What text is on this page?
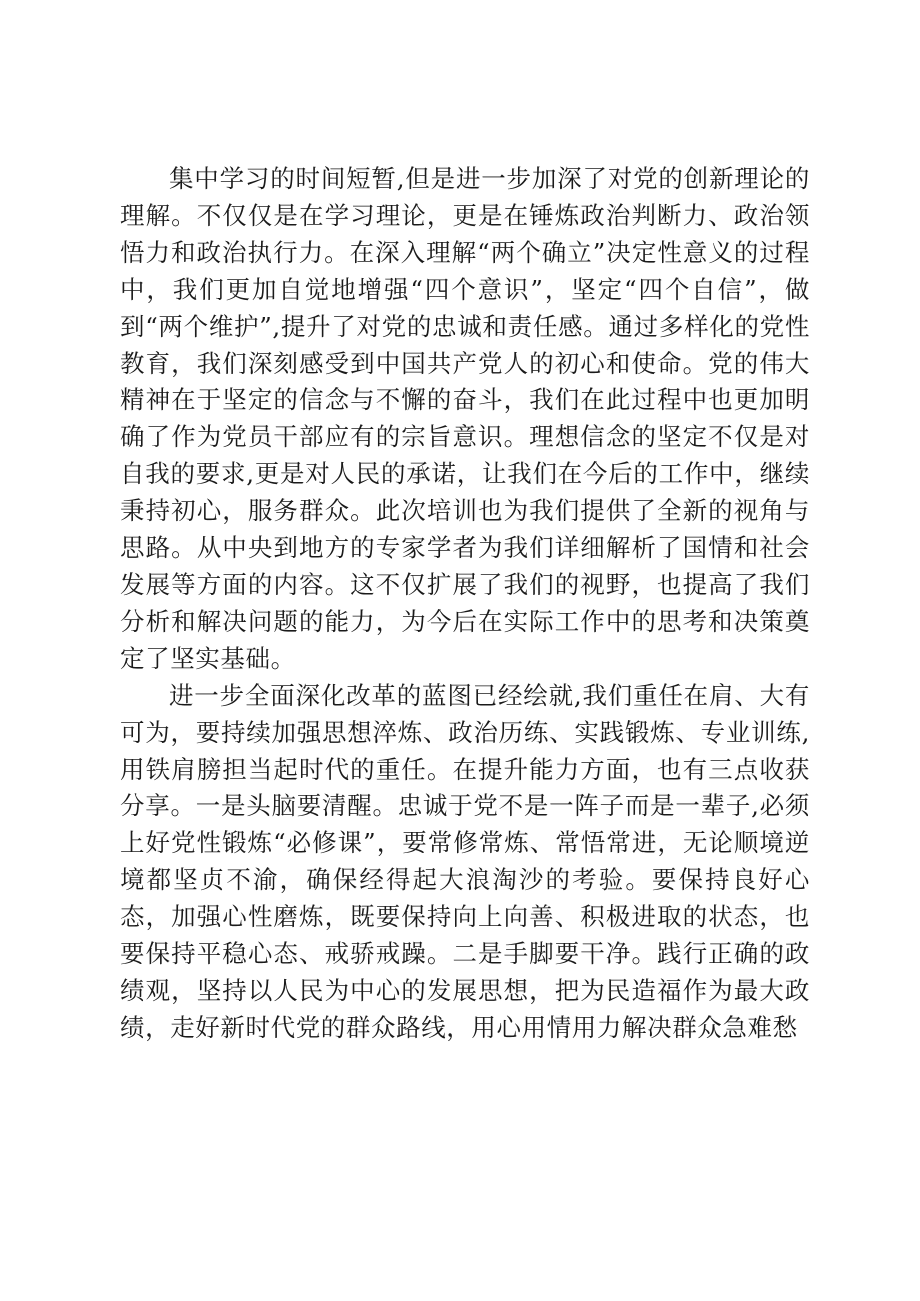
集中学习的时间短暂,但是进一步加深了对党的创新理论的理解。不仅仅是在学习理论，更是在锤炼政治判断力、政治领悟力和政治执行力。在深入理解“两个确立”决定性意义的过程中，我们更加自觉地增强“四个意识”，坚定“四个自信”，做到“两个维护”,提升了对党的忠诚和责任感。通过多样化的党性教育，我们深刻感受到中国共产党人的初心和使命。党的伟大精神在于坚定的信念与不懈的奋斗，我们在此过程中也更加明确了作为党员干部应有的宗旨意识。理想信念的坚定不仅是对自我的要求,更是对人民的承诺，让我们在今后的工作中，继续秉持初心，服务群众。此次培训也为我们提供了全新的视角与思路。从中央到地方的专家学者为我们详细解析了国情和社会发展等方面的内容。这不仅扩展了我们的视野，也提高了我们分析和解决问题的能力，为今后在实际工作中的思考和决策奠定了坚实基础。

进一步全面深化改革的蓝图已经绘就,我们重任在肩、大有可为，要持续加强思想淬炼、政治历练、实践锻炼、专业训练,用铁肩膀担当起时代的重任。在提升能力方面，也有三点收获分享。一是头脑要清醒。忠诚于党不是一阵子而是一辈子,必须上好党性锻炼“必修课”，要常修常炼、常悟常进，无论顺境逆境都坚贞不渝，确保经得起大浪淘沙的考验。要保持良好心态，加强心性磨炼，既要保持向上向善、积极进取的状态，也要保持平稳心态、戒骄戒躁。二是手脚要干净。践行正确的政绩观，坚持以人民为中心的发展思想，把为民造福作为最大政绩，走好新时代党的群众路线，用心用情用力解决群众急难愁
